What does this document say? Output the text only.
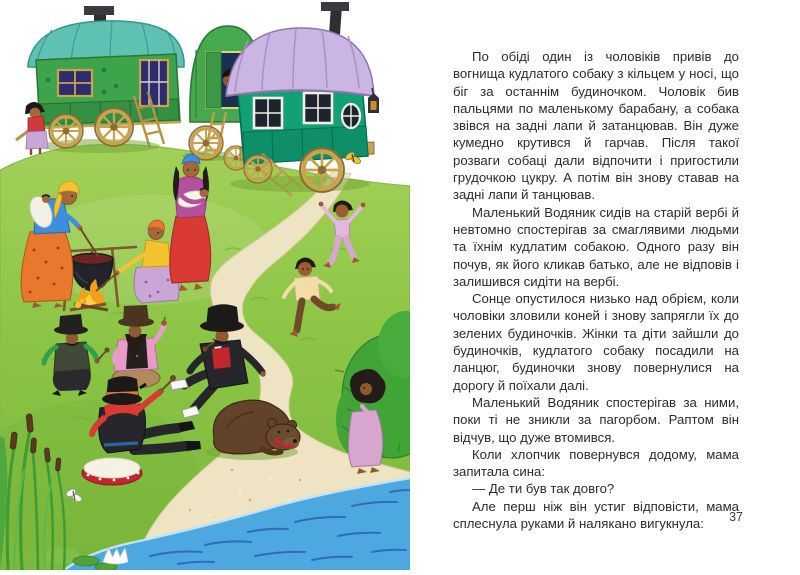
По обіді один із чоловіків привів до вогнища кудлатого собаку з кільцем у носі, що біг за останнім будиночком. Чоловік бив пальцями по маленькому барабану, а собака звівся на задні лапи й затанцював. Він дуже кумедно крутився й гарчав. Після такої розваги собаці дали відпочити і пригостили грудочкою цукру. А потім він знову ставав на задні лапи й танцював.

Маленький Водяник сидів на старій вербі й невтомно спостерігав за смаглявими людьми та їхнім кудлатим собакою. Одного разу він почув, як його кликав батько, але не відповів і залишився сидіти на вербі.

Сонце опустилося низько над обрієм, коли чоловіки зловили коней і знову запрягли їх до зелених будиночків. Жінки та діти зайшли до будиночків, кудлатого собаку посадили на ланцюг, будиночки знову повернулися на дорогу й поїхали далі.

Маленький Водяник спостерігав за ними, поки ті не зникли за пагорбом. Раптом він відчув, що дуже втомився.

Коли хлопчик повернувся додому, мама запитала сина:

— Де ти був так довго?

Але перш ніж він устиг відповісти, мама сплеснула руками й налякано вигукнула:	37
